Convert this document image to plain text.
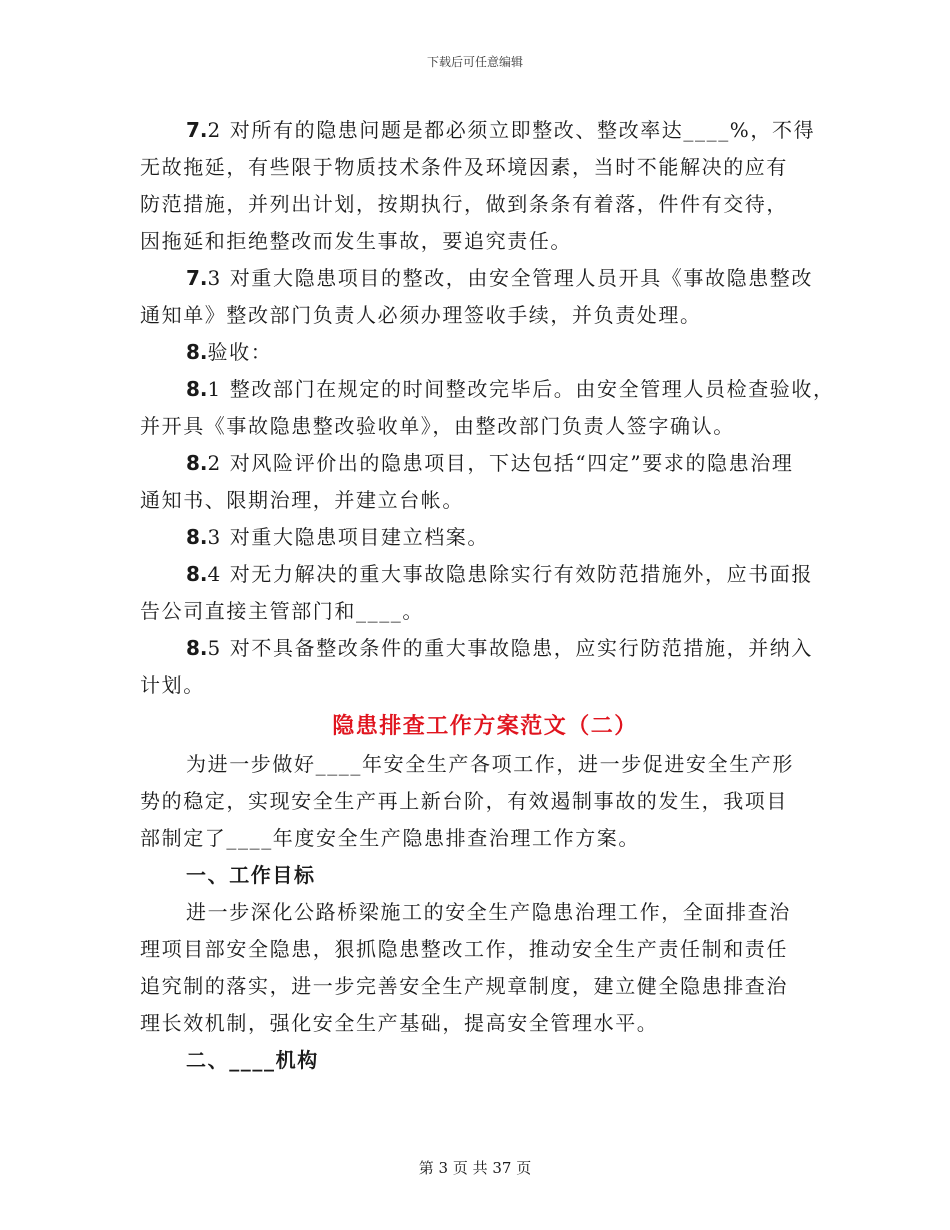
下载后可任意编辑
7.2 对所有的隐患问题是都必须立即整改、整改率达____%，不得
无故拖延，有些限于物质技术条件及环境因素，当时不能解决的应有
防范措施，并列出计划，按期执行，做到条条有着落，件件有交待，
因拖延和拒绝整改而发生事故，要追究责任。
7.3 对重大隐患项目的整改，由安全管理人员开具《事故隐患整改
通知单》整改部门负责人必须办理签收手续，并负责处理。
8.验收：
8.1 整改部门在规定的时间整改完毕后。由安全管理人员检查验收，
并开具《事故隐患整改验收单》，由整改部门负责人签字确认。
8.2 对风险评价出的隐患项目，下达包括“四定”要求的隐患治理
通知书、限期治理，并建立台帐。
8.3 对重大隐患项目建立档案。
8.4 对无力解决的重大事故隐患除实行有效防范措施外，应书面报
告公司直接主管部门和____。
8.5 对不具备整改条件的重大事故隐患，应实行防范措施，并纳入
计划。
隐患排查工作方案范文（二）
为进一步做好____年安全生产各项工作，进一步促进安全生产形
势的稳定，实现安全生产再上新台阶，有效遏制事故的发生，我项目
部制定了____年度安全生产隐患排查治理工作方案。
一、工作目标
进一步深化公路桥梁施工的安全生产隐患治理工作，全面排查治
理项目部安全隐患，狠抓隐患整改工作，推动安全生产责任制和责任
追究制的落实，进一步完善安全生产规章制度，建立健全隐患排查治
理长效机制，强化安全生产基础，提高安全管理水平。
二、____机构
第 3 页 共 37 页
